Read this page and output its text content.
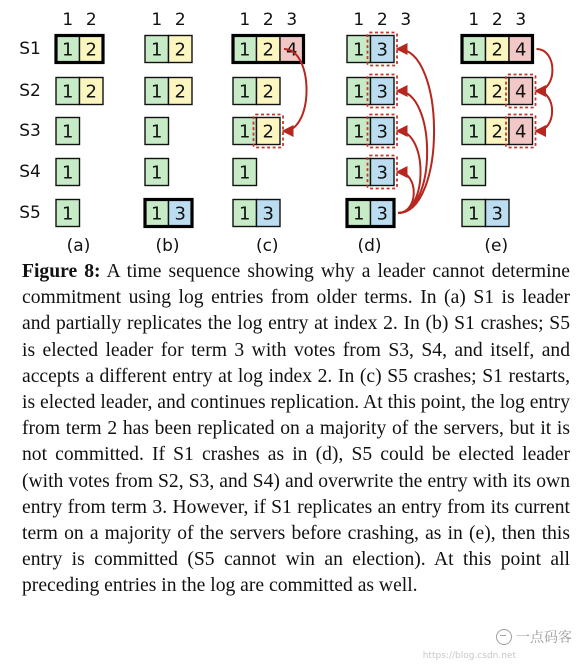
S1
S2
S3
S4
S5
1 2
(a)
1 2
1 2
1
1
1
1 2
(b)
1 2
1 2
1
1
1 3
1 2 3
(c)
1 2 4
1 2
1 2
1
1 3
1 2 3
(d)
1 3
1 3
1 3
1 3
1 3
1 2 3
(e)
1 2 4
1 2 4
1 2 4
1
1 3

Figure 8: A time sequence showing why a leader cannot determine commitment using log entries from older terms. In (a) S1 is leader and partially replicates the log entry at index 2. In (b) S1 crashes; S5 is elected leader for term 3 with votes from S3, S4, and itself, and accepts a different entry at log index 2. In (c) S5 crashes; S1 restarts, is elected leader, and continues replication. At this point, the log entry from term 2 has been replicated on a majority of the servers, but it is not committed. If S1 crashes as in (d), S5 could be elected leader (with votes from S2, S3, and S4) and overwrite the entry with its own entry from term 3. However, if S1 replicates an entry from its current term on a majority of the servers before crashing, as in (e), then this entry is committed (S5 cannot win an election). At this point all preceding entries in the log are committed as well.

一点码客
https://blog.csdn.net
